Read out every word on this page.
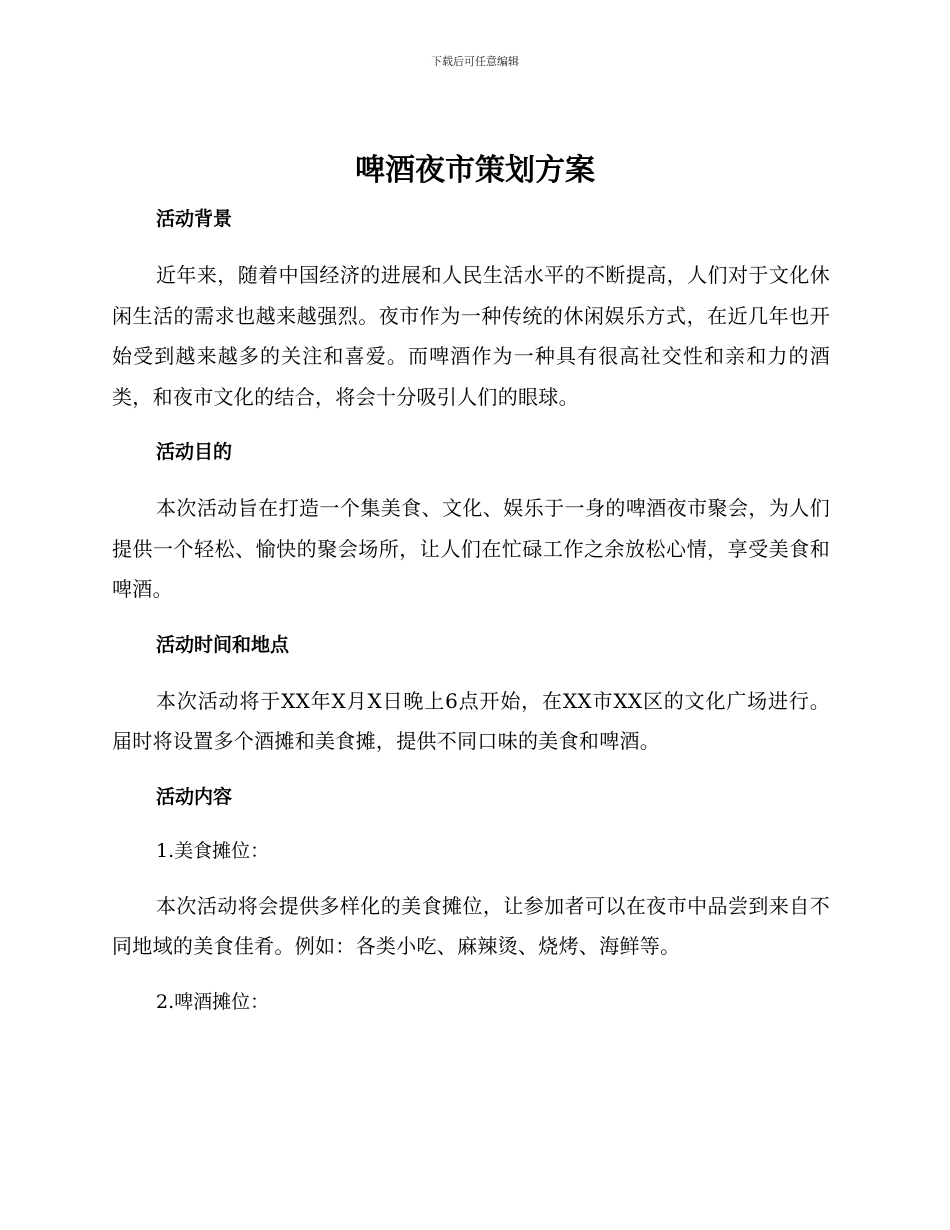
下载后可任意编辑
啤酒夜市策划方案
活动背景

近年来，随着中国经济的进展和人民生活水平的不断提高，人们对于文化休闲生活的需求也越来越强烈。夜市作为一种传统的休闲娱乐方式，在近几年也开始受到越来越多的关注和喜爱。而啤酒作为一种具有很高社交性和亲和力的酒类，和夜市文化的结合，将会十分吸引人们的眼球。

活动目的

本次活动旨在打造一个集美食、文化、娱乐于一身的啤酒夜市聚会，为人们提供一个轻松、愉快的聚会场所，让人们在忙碌工作之余放松心情，享受美食和啤酒。

活动时间和地点

本次活动将于XX年X月X日晚上6点开始，在XX市XX区的文化广场进行。届时将设置多个酒摊和美食摊，提供不同口味的美食和啤酒。

活动内容

1.美食摊位：

本次活动将会提供多样化的美食摊位，让参加者可以在夜市中品尝到来自不同地域的美食佳肴。例如：各类小吃、麻辣烫、烧烤、海鲜等。

2.啤酒摊位：
